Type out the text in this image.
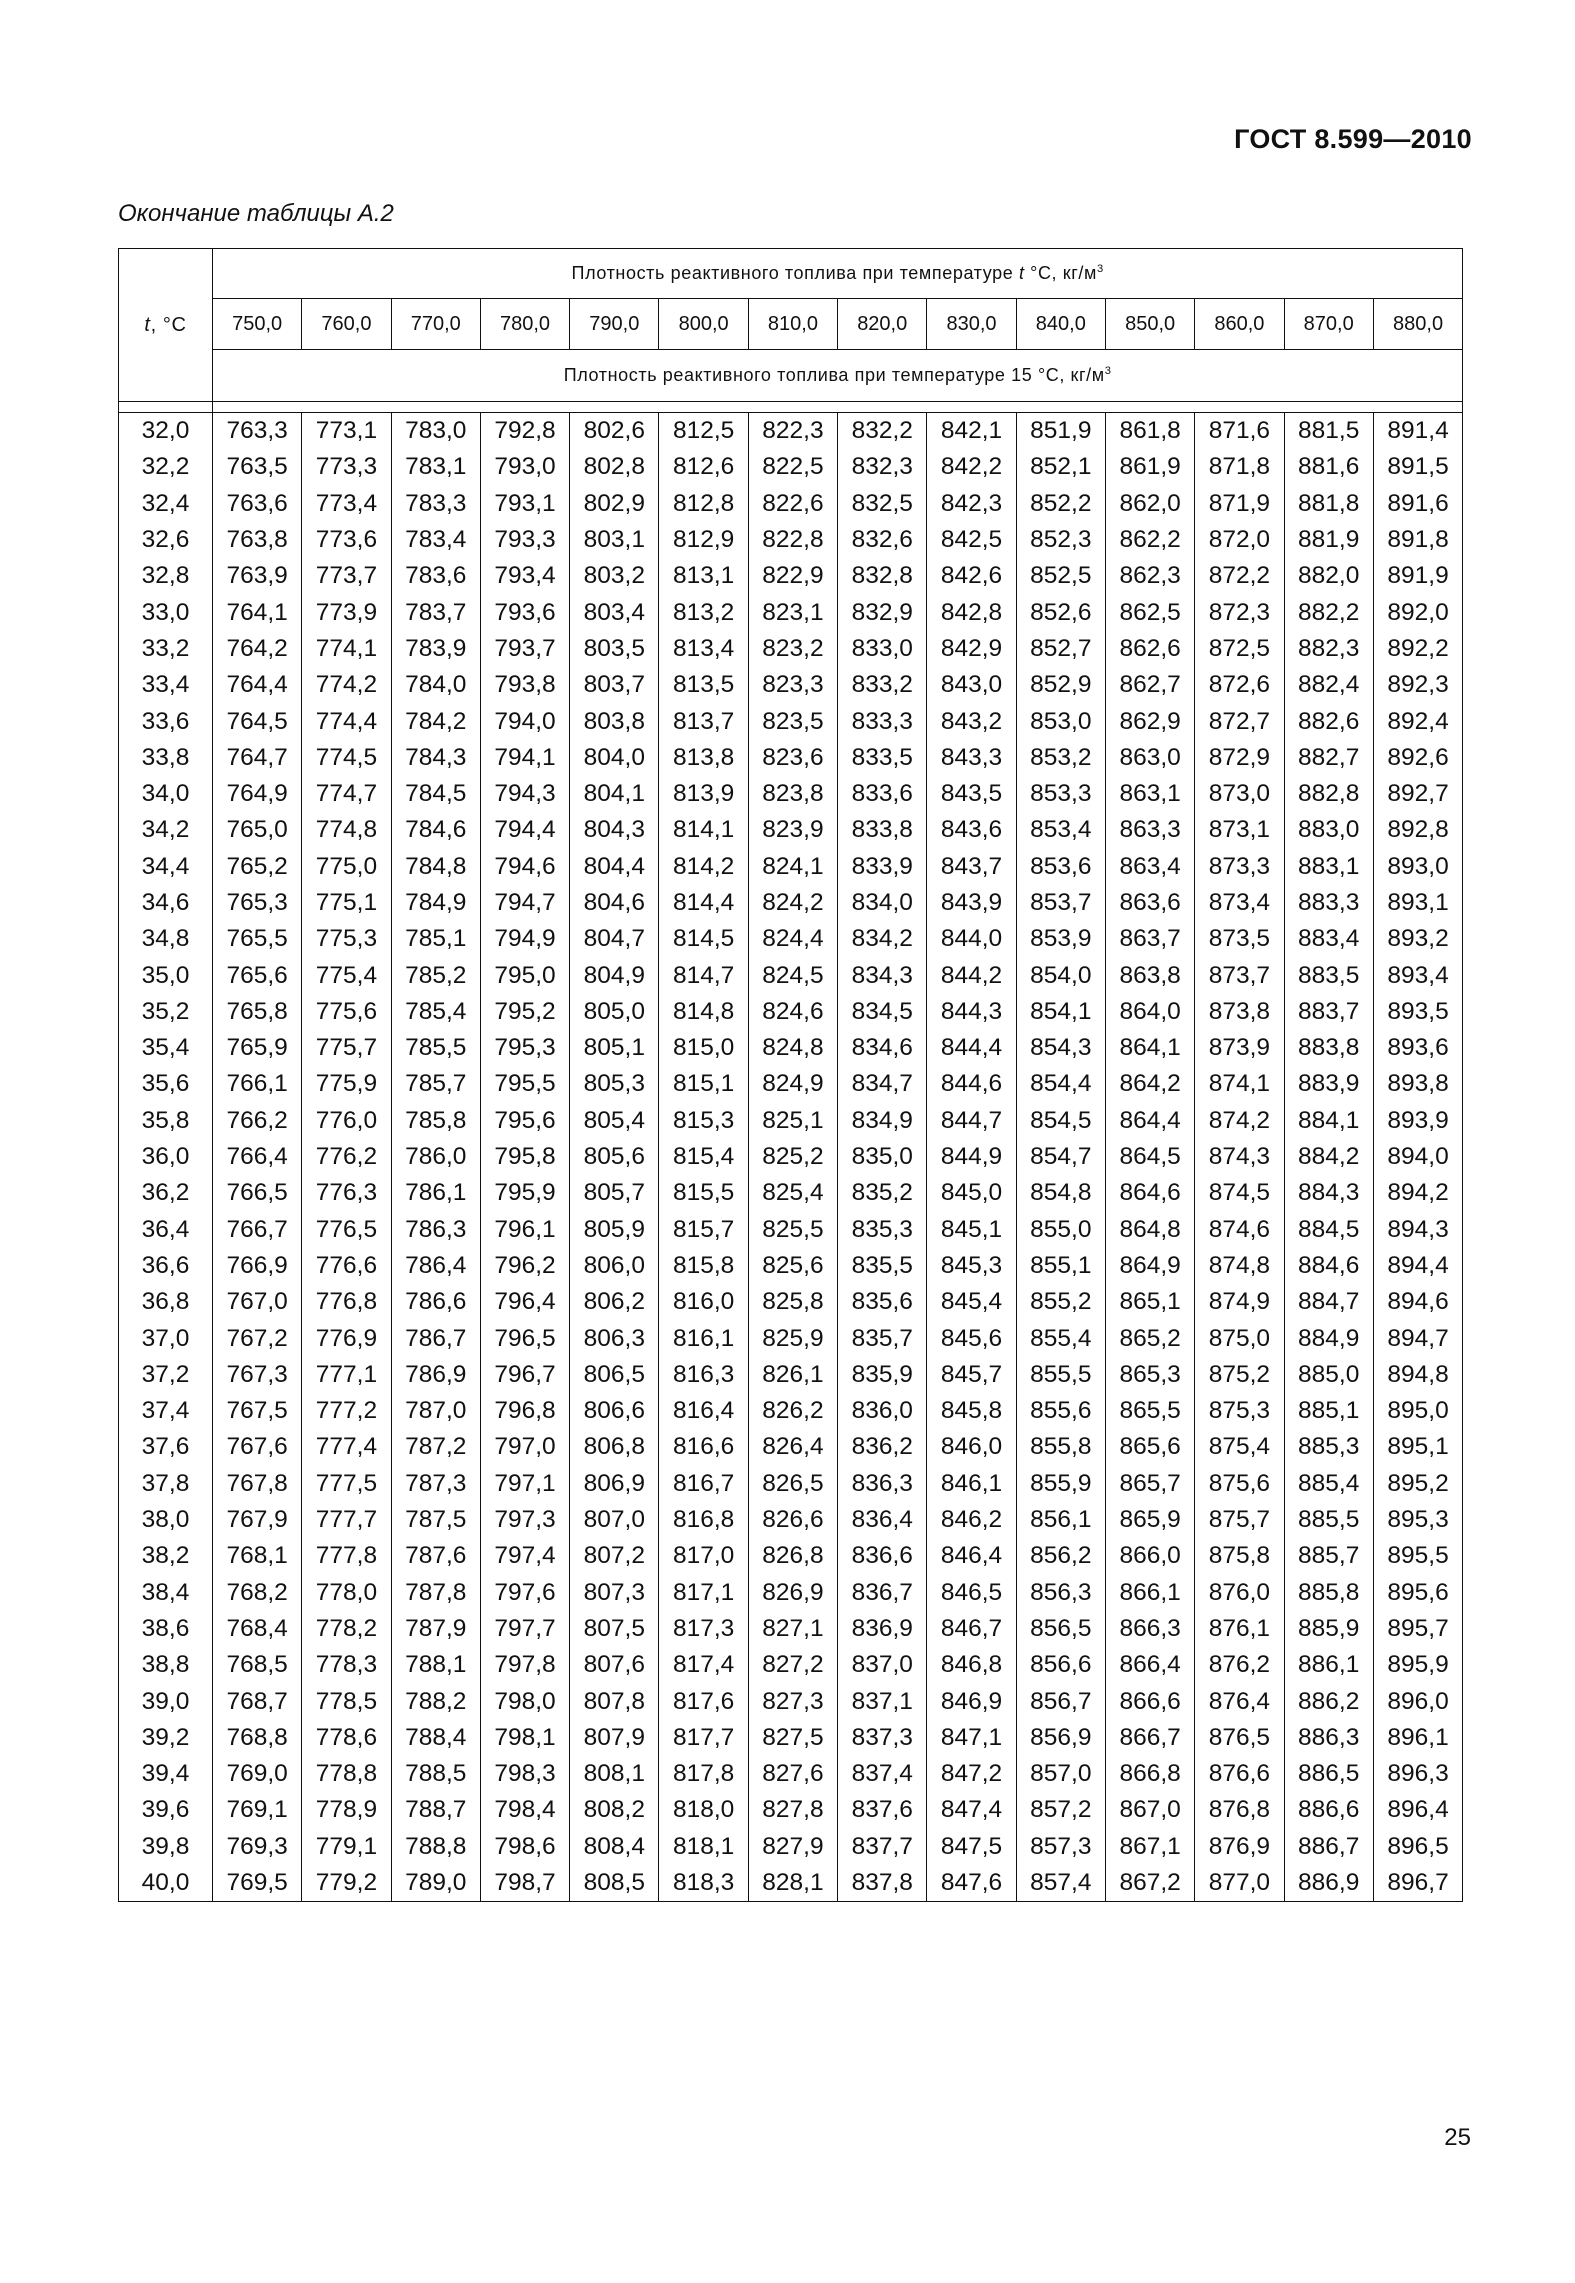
ГОСТ 8.599—2010
Окончание таблицы А.2
t, °С	Плотность реактивного топлива при температуре t °С, $кг/м^3$
	750,0	760,0	770,0	780,0	790,0	800,0	810,0	820,0	830,0	840,0	850,0	860,0	870,0	880,0
	Плотность реактивного топлива при температуре 15 °С, $кг/м^3$

32,0	763,3	773,1	783,0	792,8	802,6	812,5	822,3	832,2	842,1	851,9	861,8	871,6	881,5	891,4
32,2	763,5	773,3	783,1	793,0	802,8	812,6	822,5	832,3	842,2	852,1	861,9	871,8	881,6	891,5
32,4	763,6	773,4	783,3	793,1	802,9	812,8	822,6	832,5	842,3	852,2	862,0	871,9	881,8	891,6
32,6	763,8	773,6	783,4	793,3	803,1	812,9	822,8	832,6	842,5	852,3	862,2	872,0	881,9	891,8
32,8	763,9	773,7	783,6	793,4	803,2	813,1	822,9	832,8	842,6	852,5	862,3	872,2	882,0	891,9
33,0	764,1	773,9	783,7	793,6	803,4	813,2	823,1	832,9	842,8	852,6	862,5	872,3	882,2	892,0
33,2	764,2	774,1	783,9	793,7	803,5	813,4	823,2	833,0	842,9	852,7	862,6	872,5	882,3	892,2
33,4	764,4	774,2	784,0	793,8	803,7	813,5	823,3	833,2	843,0	852,9	862,7	872,6	882,4	892,3
33,6	764,5	774,4	784,2	794,0	803,8	813,7	823,5	833,3	843,2	853,0	862,9	872,7	882,6	892,4
33,8	764,7	774,5	784,3	794,1	804,0	813,8	823,6	833,5	843,3	853,2	863,0	872,9	882,7	892,6
34,0	764,9	774,7	784,5	794,3	804,1	813,9	823,8	833,6	843,5	853,3	863,1	873,0	882,8	892,7
34,2	765,0	774,8	784,6	794,4	804,3	814,1	823,9	833,8	843,6	853,4	863,3	873,1	883,0	892,8
34,4	765,2	775,0	784,8	794,6	804,4	814,2	824,1	833,9	843,7	853,6	863,4	873,3	883,1	893,0
34,6	765,3	775,1	784,9	794,7	804,6	814,4	824,2	834,0	843,9	853,7	863,6	873,4	883,3	893,1
34,8	765,5	775,3	785,1	794,9	804,7	814,5	824,4	834,2	844,0	853,9	863,7	873,5	883,4	893,2
35,0	765,6	775,4	785,2	795,0	804,9	814,7	824,5	834,3	844,2	854,0	863,8	873,7	883,5	893,4
35,2	765,8	775,6	785,4	795,2	805,0	814,8	824,6	834,5	844,3	854,1	864,0	873,8	883,7	893,5
35,4	765,9	775,7	785,5	795,3	805,1	815,0	824,8	834,6	844,4	854,3	864,1	873,9	883,8	893,6
35,6	766,1	775,9	785,7	795,5	805,3	815,1	824,9	834,7	844,6	854,4	864,2	874,1	883,9	893,8
35,8	766,2	776,0	785,8	795,6	805,4	815,3	825,1	834,9	844,7	854,5	864,4	874,2	884,1	893,9
36,0	766,4	776,2	786,0	795,8	805,6	815,4	825,2	835,0	844,9	854,7	864,5	874,3	884,2	894,0
36,2	766,5	776,3	786,1	795,9	805,7	815,5	825,4	835,2	845,0	854,8	864,6	874,5	884,3	894,2
36,4	766,7	776,5	786,3	796,1	805,9	815,7	825,5	835,3	845,1	855,0	864,8	874,6	884,5	894,3
36,6	766,9	776,6	786,4	796,2	806,0	815,8	825,6	835,5	845,3	855,1	864,9	874,8	884,6	894,4
36,8	767,0	776,8	786,6	796,4	806,2	816,0	825,8	835,6	845,4	855,2	865,1	874,9	884,7	894,6
37,0	767,2	776,9	786,7	796,5	806,3	816,1	825,9	835,7	845,6	855,4	865,2	875,0	884,9	894,7
37,2	767,3	777,1	786,9	796,7	806,5	816,3	826,1	835,9	845,7	855,5	865,3	875,2	885,0	894,8
37,4	767,5	777,2	787,0	796,8	806,6	816,4	826,2	836,0	845,8	855,6	865,5	875,3	885,1	895,0
37,6	767,6	777,4	787,2	797,0	806,8	816,6	826,4	836,2	846,0	855,8	865,6	875,4	885,3	895,1
37,8	767,8	777,5	787,3	797,1	806,9	816,7	826,5	836,3	846,1	855,9	865,7	875,6	885,4	895,2
38,0	767,9	777,7	787,5	797,3	807,0	816,8	826,6	836,4	846,2	856,1	865,9	875,7	885,5	895,3
38,2	768,1	777,8	787,6	797,4	807,2	817,0	826,8	836,6	846,4	856,2	866,0	875,8	885,7	895,5
38,4	768,2	778,0	787,8	797,6	807,3	817,1	826,9	836,7	846,5	856,3	866,1	876,0	885,8	895,6
38,6	768,4	778,2	787,9	797,7	807,5	817,3	827,1	836,9	846,7	856,5	866,3	876,1	885,9	895,7
38,8	768,5	778,3	788,1	797,8	807,6	817,4	827,2	837,0	846,8	856,6	866,4	876,2	886,1	895,9
39,0	768,7	778,5	788,2	798,0	807,8	817,6	827,3	837,1	846,9	856,7	866,6	876,4	886,2	896,0
39,2	768,8	778,6	788,4	798,1	807,9	817,7	827,5	837,3	847,1	856,9	866,7	876,5	886,3	896,1
39,4	769,0	778,8	788,5	798,3	808,1	817,8	827,6	837,4	847,2	857,0	866,8	876,6	886,5	896,3
39,6	769,1	778,9	788,7	798,4	808,2	818,0	827,8	837,6	847,4	857,2	867,0	876,8	886,6	896,4
39,8	769,3	779,1	788,8	798,6	808,4	818,1	827,9	837,7	847,5	857,3	867,1	876,9	886,7	896,5
40,0	769,5	779,2	789,0	798,7	808,5	818,3	828,1	837,8	847,6	857,4	867,2	877,0	886,9	896,7
25
